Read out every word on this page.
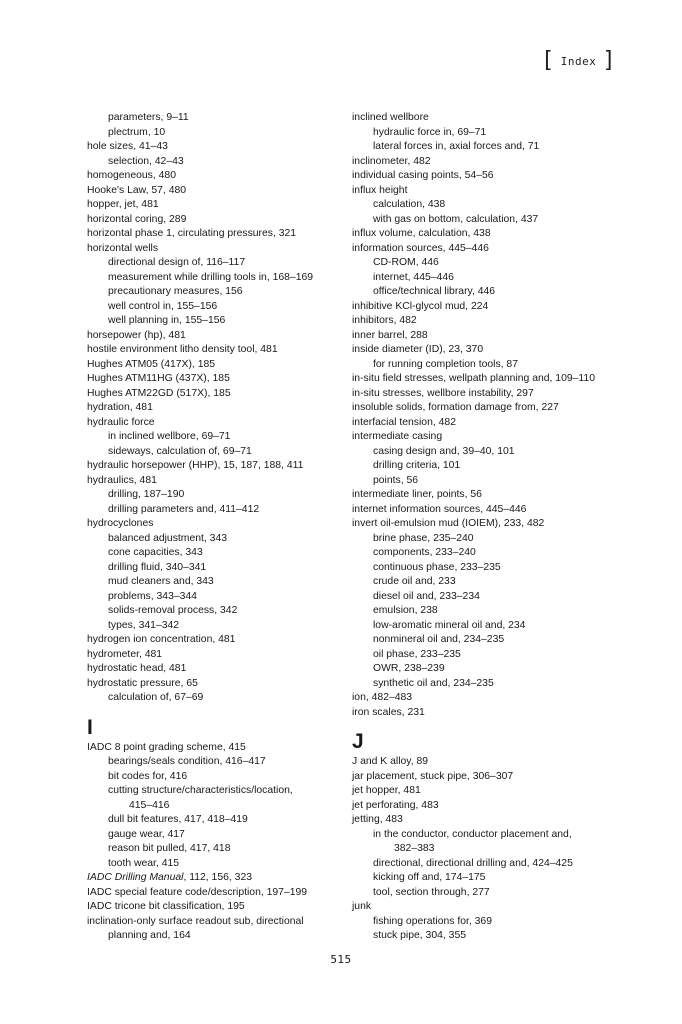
[ Index ]
parameters, 9–11
plectrum, 10
hole sizes, 41–43
selection, 42–43
homogeneous, 480
Hooke's Law, 57, 480
hopper, jet, 481
horizontal coring, 289
horizontal phase 1, circulating pressures, 321
horizontal wells
directional design of, 116–117
measurement while drilling tools in, 168–169
precautionary measures, 156
well control in, 155–156
well planning in, 155–156
horsepower (hp), 481
hostile environment litho density tool, 481
Hughes ATM05 (417X), 185
Hughes ATM11HG (437X), 185
Hughes ATM22GD (517X), 185
hydration, 481
hydraulic force
in inclined wellbore, 69–71
sideways, calculation of, 69–71
hydraulic horsepower (HHP), 15, 187, 188, 411
hydraulics, 481
drilling, 187–190
drilling parameters and, 411–412
hydrocyclones
balanced adjustment, 343
cone capacities, 343
drilling fluid, 340–341
mud cleaners and, 343
problems, 343–344
solids-removal process, 342
types, 341–342
hydrogen ion concentration, 481
hydrometer, 481
hydrostatic head, 481
hydrostatic pressure, 65
calculation of, 67–69
I
IADC 8 point grading scheme, 415
bearings/seals condition, 416–417
bit codes for, 416
cutting structure/characteristics/location,
415–416
dull bit features, 417, 418–419
gauge wear, 417
reason bit pulled, 417, 418
tooth wear, 415
IADC Drilling Manual, 112, 156, 323
IADC special feature code/description, 197–199
IADC tricone bit classification, 195
inclination-only surface readout sub, directional planning and, 164
inclined wellbore
hydraulic force in, 69–71
lateral forces in, axial forces and, 71
inclinometer, 482
individual casing points, 54–56
influx height
calculation, 438
with gas on bottom, calculation, 437
influx volume, calculation, 438
information sources, 445–446
CD-ROM, 446
internet, 445–446
office/technical library, 446
inhibitive KCl-glycol mud, 224
inhibitors, 482
inner barrel, 288
inside diameter (ID), 23, 370
for running completion tools, 87
in-situ field stresses, wellpath planning and, 109–110
in-situ stresses, wellbore instability, 297
insoluble solids, formation damage from, 227
interfacial tension, 482
intermediate casing
casing design and, 39–40, 101
drilling criteria, 101
points, 56
intermediate liner, points, 56
internet information sources, 445–446
invert oil-emulsion mud (IOIEM), 233, 482
brine phase, 235–240
components, 233–240
continuous phase, 233–235
crude oil and, 233
diesel oil and, 233–234
emulsion, 238
low-aromatic mineral oil and, 234
nonmineral oil and, 234–235
oil phase, 233–235
OWR, 238–239
synthetic oil and, 234–235
ion, 482–483
iron scales, 231
J
J and K alloy, 89
jar placement, stuck pipe, 306–307
jet hopper, 481
jet perforating, 483
jetting, 483
in the conductor, conductor placement and,
382–383
directional, directional drilling and, 424–425
kicking off and, 174–175
tool, section through, 277
junk
fishing operations for, 369
stuck pipe, 304, 355
515
